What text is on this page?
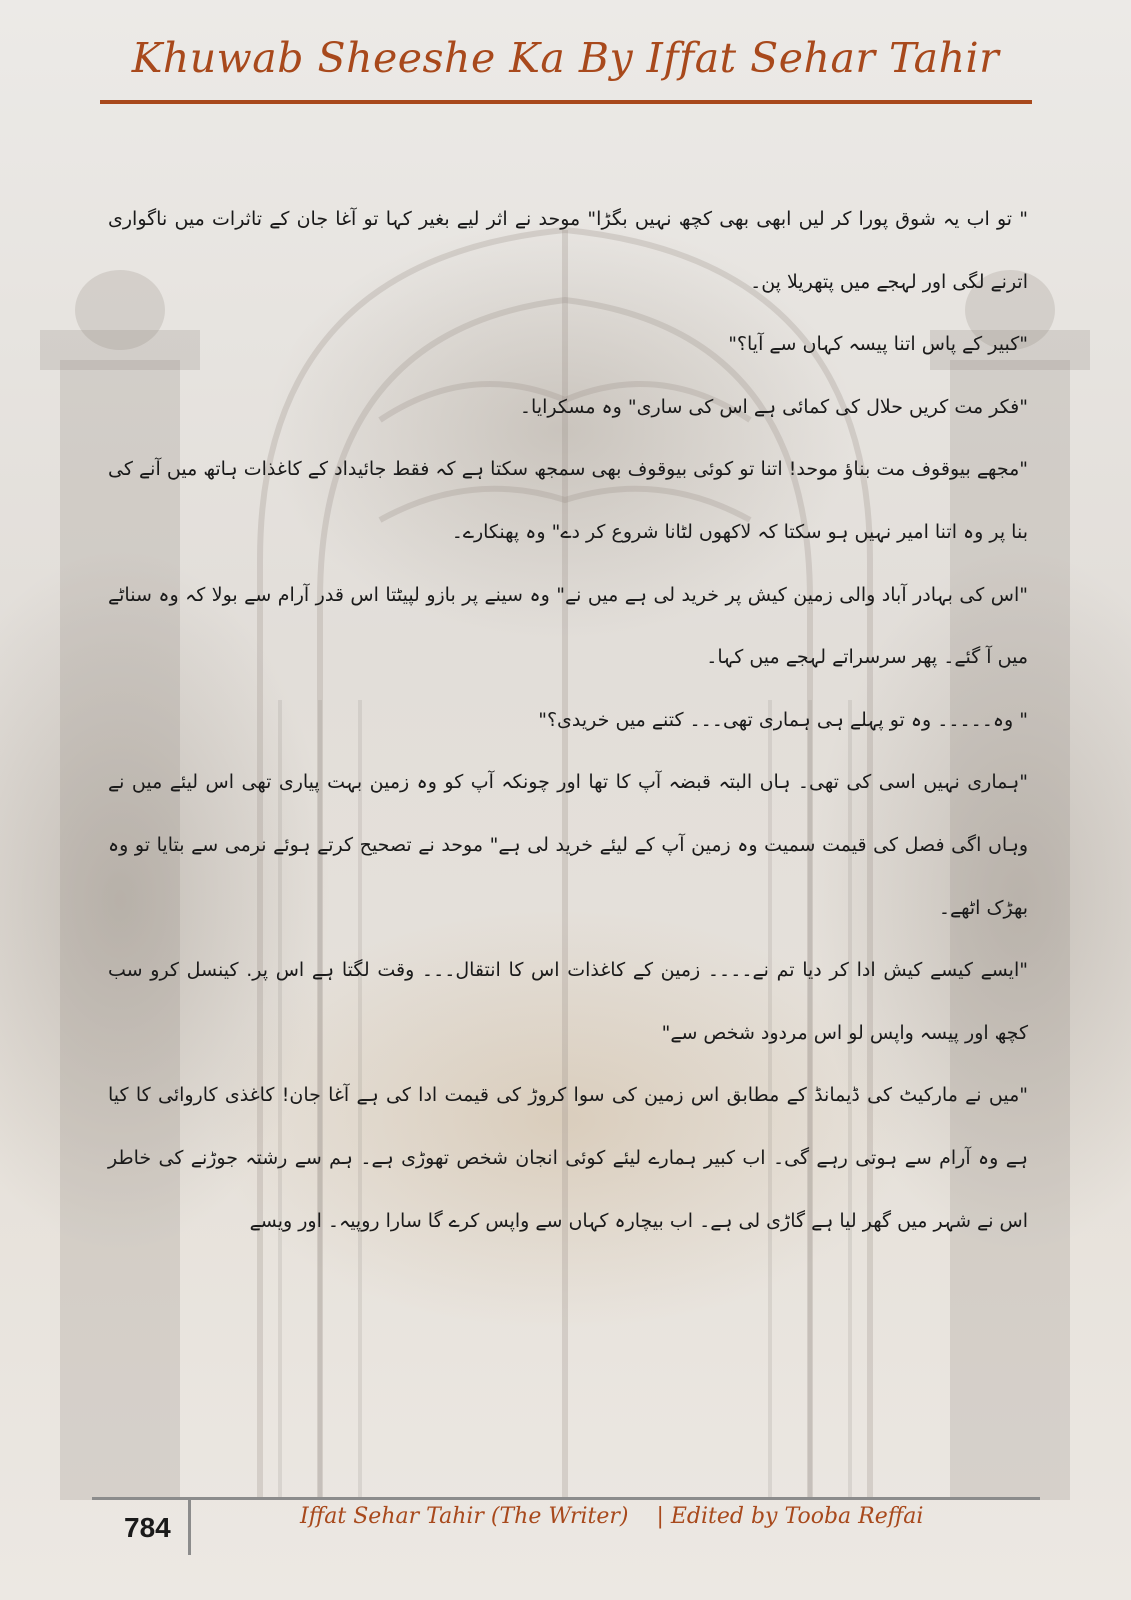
Khuwab Sheeshe Ka By Iffat Sehar Tahir

" تو اب یہ شوق پورا کر لیں ابھی بھی کچھ نہیں بگڑا" موحد نے اثر لیے بغیر کہا تو آغا جان کے تاثرات میں ناگواری اترنے لگی اور لہجے میں پتھریلا پن۔

"کبیر کے پاس اتنا پیسہ کہاں سے آیا؟"

"فکر مت کریں حلال کی کمائی ہے اس کی ساری" وہ مسکرایا۔

"مجھے بیوقوف مت بناؤ موحد! اتنا تو کوئی بیوقوف بھی سمجھ سکتا ہے کہ فقط جائیداد کے کاغذات ہاتھ میں آنے کی بنا پر وہ اتنا امیر نہیں ہو سکتا کہ لاکھوں لٹانا شروع کر دے" وہ پھنکارے۔

"اس کی بہادر آباد والی زمین کیش پر خرید لی ہے میں نے" وہ سینے پر بازو لپیٹتا اس قدر آرام سے بولا کہ وہ سناٹے میں آ گئے۔ پھر سرسراتے لہجے میں کہا۔

" وہ۔۔۔۔۔ وہ تو پہلے ہی ہماری تھی۔۔۔ کتنے میں خریدی؟"

"ہماری نہیں اسی کی تھی۔ ہاں البتہ قبضہ آپ کا تھا اور چونکہ آپ کو وہ زمین بہت پیاری تھی اس لیئے میں نے وہاں اگی فصل کی قیمت سمیت وہ زمین آپ کے لیئے خرید لی ہے" موحد نے تصحیح کرتے ہوئے نرمی سے بتایا تو وہ بھڑک اٹھے۔

"ایسے کیسے کیش ادا کر دیا تم نے۔۔۔۔ زمین کے کاغذات اس کا انتقال۔۔۔ وقت لگتا ہے اس پر. کینسل کرو سب کچھ اور پیسہ واپس لو اس مردود شخص سے"

"میں نے مارکیٹ کی ڈیمانڈ کے مطابق اس زمین کی سوا کروڑ کی قیمت ادا کی ہے آغا جان! کاغذی کاروائی کا کیا ہے وہ آرام سے ہوتی رہے گی۔ اب کبیر ہمارے لیئے کوئی انجان شخص تھوڑی ہے۔ ہم سے رشتہ جوڑنے کی خاطر اس نے شہر میں گھر لیا ہے گاڑی لی ہے۔ اب بیچارہ کہاں سے واپس کرے گا سارا روپیہ۔ اور ویسے

784	Iffat Sehar Tahir (The Writer)    | Edited by Tooba Reffai
